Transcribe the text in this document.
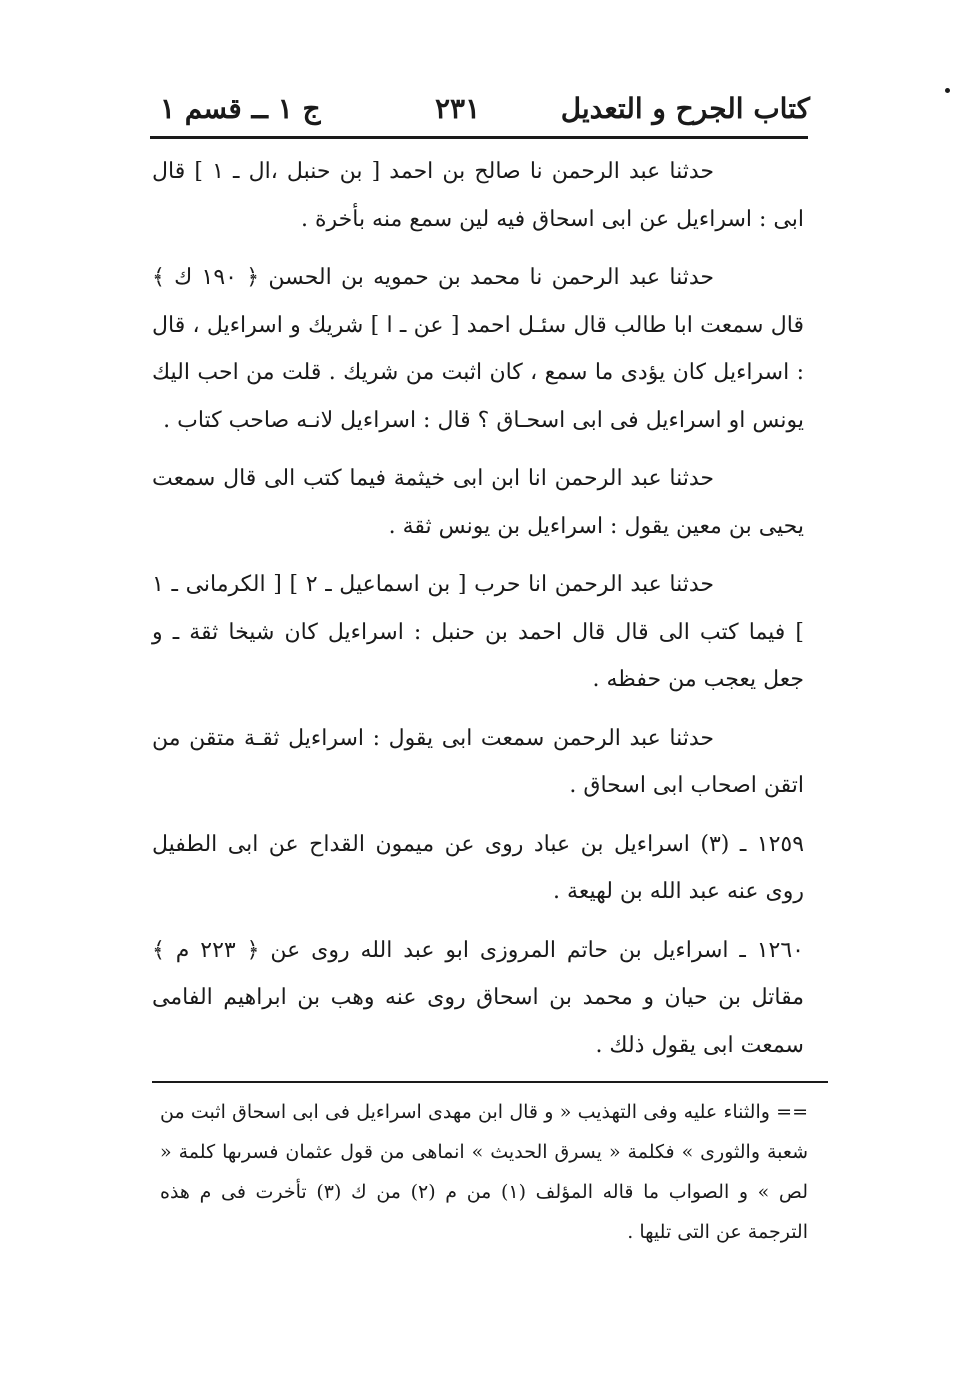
كتاب الجرح و التعديل
٢٣١
ج ١ ــ قسم ١

حدثنا عبد الرحمن نا صالح بن احمد [ بن حنبل ،ال ـ ١ ] قال ابى : اسراءيل عن ابى اسحاق فيه لين سمع منه بأخرة .

حدثنا عبد الرحمن نا محمد بن حمويه بن الحسن ﴿ ١٩٠ ك ﴾ قال سمعت ابا طالب قال سئـل احمد [ عن ـ ا ] شريك و اسراءيل ، قال : اسراءيل كان يؤدى ما سمع ، كان اثبت من شريك . قلت من احب اليك يونس او اسراءيل فى ابى اسحـاق ؟ قال : اسراءيل لانـه صاحب كتاب .

حدثنا عبد الرحمن انا ابن ابى خيثمة فيما كتب الى قال سمعت يحيى بن معين يقول : اسراءيل بن يونس ثقة .

حدثنا عبد الرحمن انا حرب [ بن اسماعيل ـ ٢ ] [ الكرمانى ـ ١ ] فيما كتب الى قال قال احمد بن حنبل : اسراءيل كان شيخا ثقة ـ و جعل يعجب من حفظه .

حدثنا عبد الرحمن سمعت ابى يقول : اسراءيل ثقـة متقن من اتقن اصحاب ابى اسحاق .

١٢٥٩ ـ (٣) اسراءيل بن عباد روى عن ميمون القداح عن ابى الطفيل روى عنه عبد الله بن لهيعة .

١٢٦٠ ـ اسراءيل بن حاتم المروزى ابو عبد الله روى عن ﴿ ٢٢٣ م ﴾ مقاتل بن حيان و محمد بن اسحاق روى عنه وهب بن ابراهيم الفامى سمعت ابى يقول ذلك .

== والثناء عليه وفى التهذيب « و قال ابن مهدى اسراءيل فى ابى اسحاق اثبت من شعبة والثورى » فكلمة « يسرق الحديث » انماهى من قول عثمان فسرىها كلمة « لص » و الصواب ما قاله المؤلف (١) من م (٢) من ك (٣) تأخرت فى م هذه الترجمة عن التى تليها .
